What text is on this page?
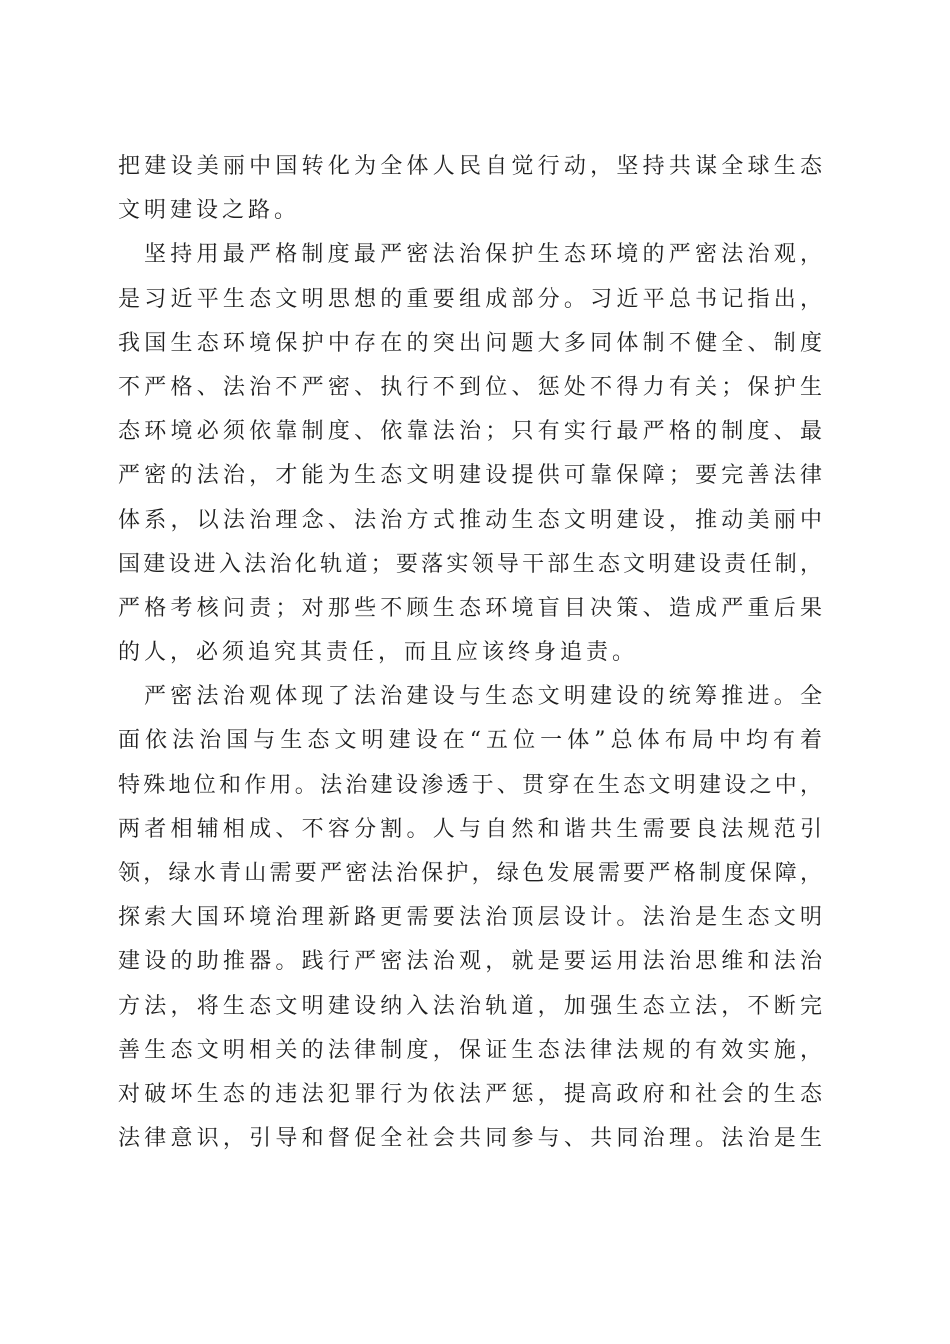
把建设美丽中国转化为全体人民自觉行动，坚持共谋全球生态
文明建设之路。
坚持用最严格制度最严密法治保护生态环境的严密法治观，
是习近平生态文明思想的重要组成部分。习近平总书记指出，
我国生态环境保护中存在的突出问题大多同体制不健全、制度
不严格、法治不严密、执行不到位、惩处不得力有关；保护生
态环境必须依靠制度、依靠法治；只有实行最严格的制度、最
严密的法治，才能为生态文明建设提供可靠保障；要完善法律
体系，以法治理念、法治方式推动生态文明建设，推动美丽中
国建设进入法治化轨道；要落实领导干部生态文明建设责任制，
严格考核问责；对那些不顾生态环境盲目决策、造成严重后果
的人，必须追究其责任，而且应该终身追责。
严密法治观体现了法治建设与生态文明建设的统筹推进。全
面依法治国与生态文明建设在“五位一体”总体布局中均有着
特殊地位和作用。法治建设渗透于、贯穿在生态文明建设之中，
两者相辅相成、不容分割。人与自然和谐共生需要良法规范引
领，绿水青山需要严密法治保护，绿色发展需要严格制度保障，
探索大国环境治理新路更需要法治顶层设计。法治是生态文明
建设的助推器。践行严密法治观，就是要运用法治思维和法治
方法，将生态文明建设纳入法治轨道，加强生态立法，不断完
善生态文明相关的法律制度，保证生态法律法规的有效实施，
对破坏生态的违法犯罪行为依法严惩，提高政府和社会的生态
法律意识，引导和督促全社会共同参与、共同治理。法治是生
